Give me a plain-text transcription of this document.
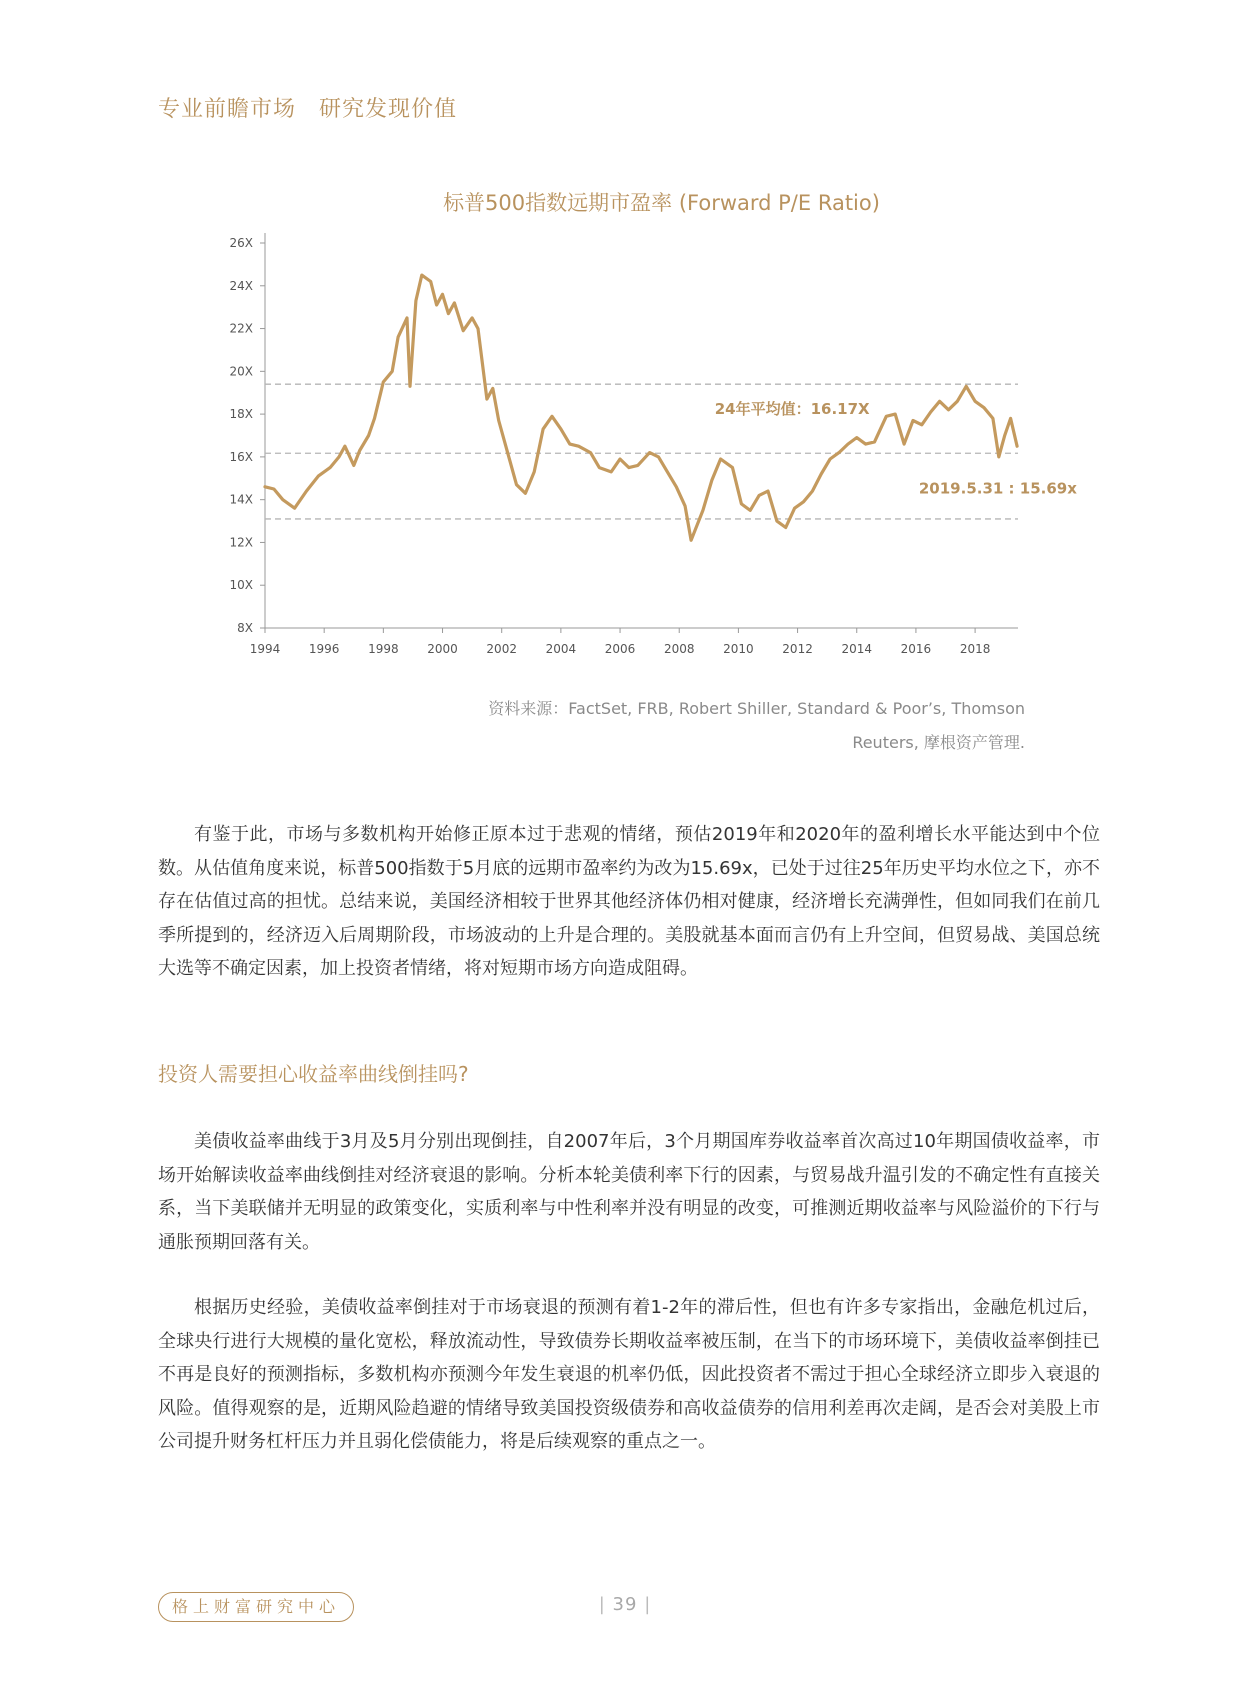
专业前瞻市场　研究发现价值
标普500指数远期市盈率 (Forward P/E Ratio)
8X
10X
12X
14X
16X
18X
20X
22X
24X
26X
1994 1996 1998 2000 2002 2004 2006 2008 2010 2012 2014 2016 2018
24年平均值：16.17X
2019.5.31 : 15.69x
资料来源：FactSet, FRB, Robert Shiller, Standard & Poor’s, Thomson
Reuters, 摩根资产管理.
有鉴于此，市场与多数机构开始修正原本过于悲观的情绪，预估2019年和2020年的盈利增长水平能达到中个位数。从估值角度来说，标普500指数于5月底的远期市盈率约为改为15.69x，已处于过往25年历史平均水位之下，亦不存在估值过高的担忧。总结来说，美国经济相较于世界其他经济体仍相对健康，经济增长充满弹性，但如同我们在前几季所提到的，经济迈入后周期阶段，市场波动的上升是合理的。美股就基本面而言仍有上升空间，但贸易战、美国总统大选等不确定因素，加上投资者情绪，将对短期市场方向造成阻碍。
投资人需要担心收益率曲线倒挂吗?
美债收益率曲线于3月及5月分别出现倒挂，自2007年后，3个月期国库券收益率首次高过10年期国债收益率，市场开始解读收益率曲线倒挂对经济衰退的影响。分析本轮美债利率下行的因素，与贸易战升温引发的不确定性有直接关系，当下美联储并无明显的政策变化，实质利率与中性利率并没有明显的改变，可推测近期收益率与风险溢价的下行与通胀预期回落有关。
根据历史经验，美债收益率倒挂对于市场衰退的预测有着1-2年的滞后性，但也有许多专家指出，金融危机过后，全球央行进行大规模的量化宽松，释放流动性，导致债券长期收益率被压制，在当下的市场环境下，美债收益率倒挂已不再是良好的预测指标，多数机构亦预测今年发生衰退的机率仍低，因此投资者不需过于担心全球经济立即步入衰退的风险。值得观察的是，近期风险趋避的情绪导致美国投资级债券和高收益债券的信用利差再次走阔，是否会对美股上市公司提升财务杠杆压力并且弱化偿债能力，将是后续观察的重点之一。
格上财富研究中心	| 39 |
